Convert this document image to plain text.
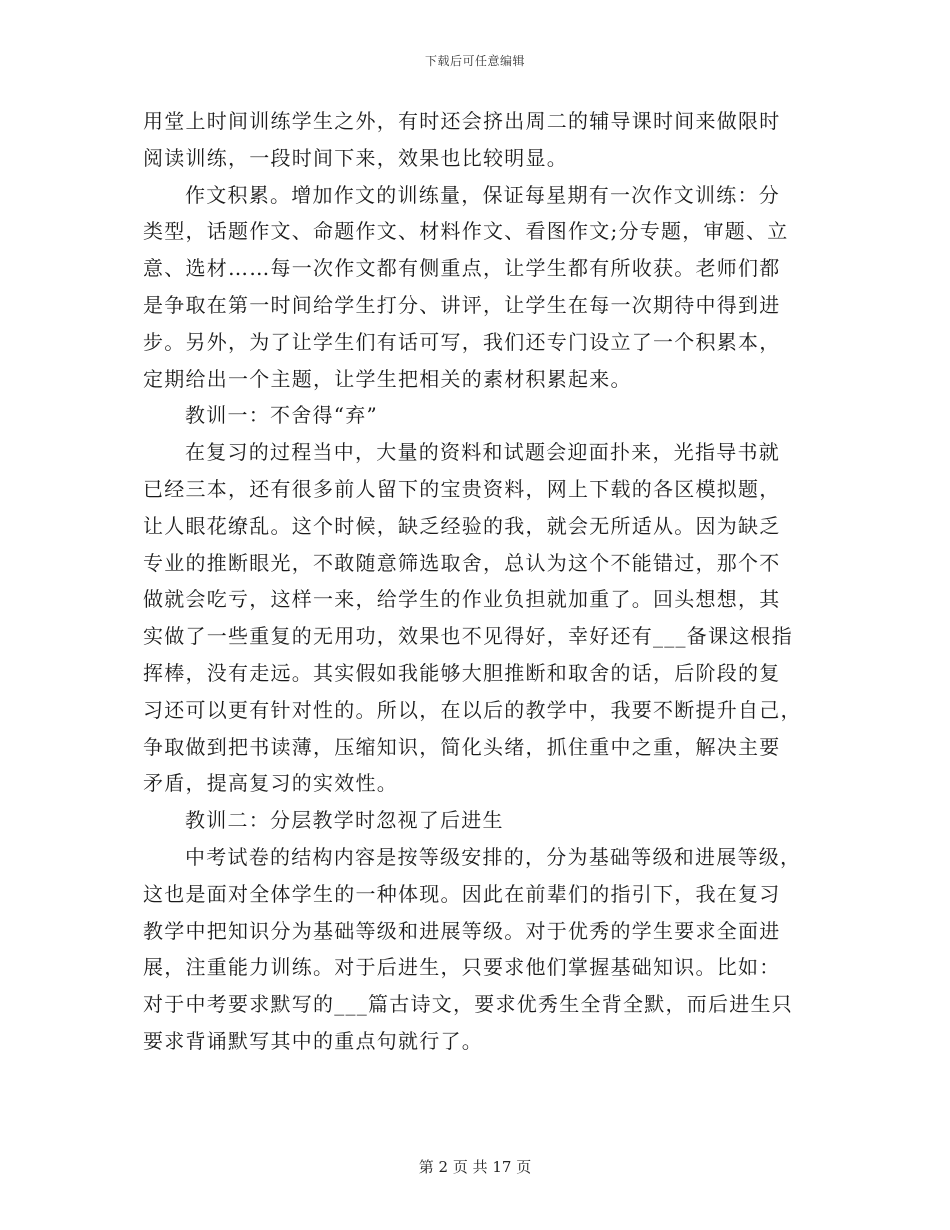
下载后可任意编辑
用堂上时间训练学生之外，有时还会挤出周二的辅导课时间来做限时
阅读训练，一段时间下来，效果也比较明显。
作文积累。增加作文的训练量，保证每星期有一次作文训练：分
类型，话题作文、命题作文、材料作文、看图作文;分专题，审题、立
意、选材……每一次作文都有侧重点，让学生都有所收获。老师们都
是争取在第一时间给学生打分、讲评，让学生在每一次期待中得到进
步。另外，为了让学生们有话可写，我们还专门设立了一个积累本，
定期给出一个主题，让学生把相关的素材积累起来。
教训一：不舍得“弃”
在复习的过程当中，大量的资料和试题会迎面扑来，光指导书就
已经三本，还有很多前人留下的宝贵资料，网上下载的各区模拟题，
让人眼花缭乱。这个时候，缺乏经验的我，就会无所适从。因为缺乏
专业的推断眼光，不敢随意筛选取舍，总认为这个不能错过，那个不
做就会吃亏，这样一来，给学生的作业负担就加重了。回头想想，其
实做了一些重复的无用功，效果也不见得好，幸好还有___备课这根指
挥棒，没有走远。其实假如我能够大胆推断和取舍的话，后阶段的复
习还可以更有针对性的。所以，在以后的教学中，我要不断提升自己，
争取做到把书读薄，压缩知识，简化头绪，抓住重中之重，解决主要
矛盾，提高复习的实效性。
教训二：分层教学时忽视了后进生
中考试卷的结构内容是按等级安排的，分为基础等级和进展等级，
这也是面对全体学生的一种体现。因此在前辈们的指引下，我在复习
教学中把知识分为基础等级和进展等级。对于优秀的学生要求全面进
展，注重能力训练。对于后进生，只要求他们掌握基础知识。比如：
对于中考要求默写的___篇古诗文，要求优秀生全背全默，而后进生只
要求背诵默写其中的重点句就行了。
第 2 页 共 17 页
